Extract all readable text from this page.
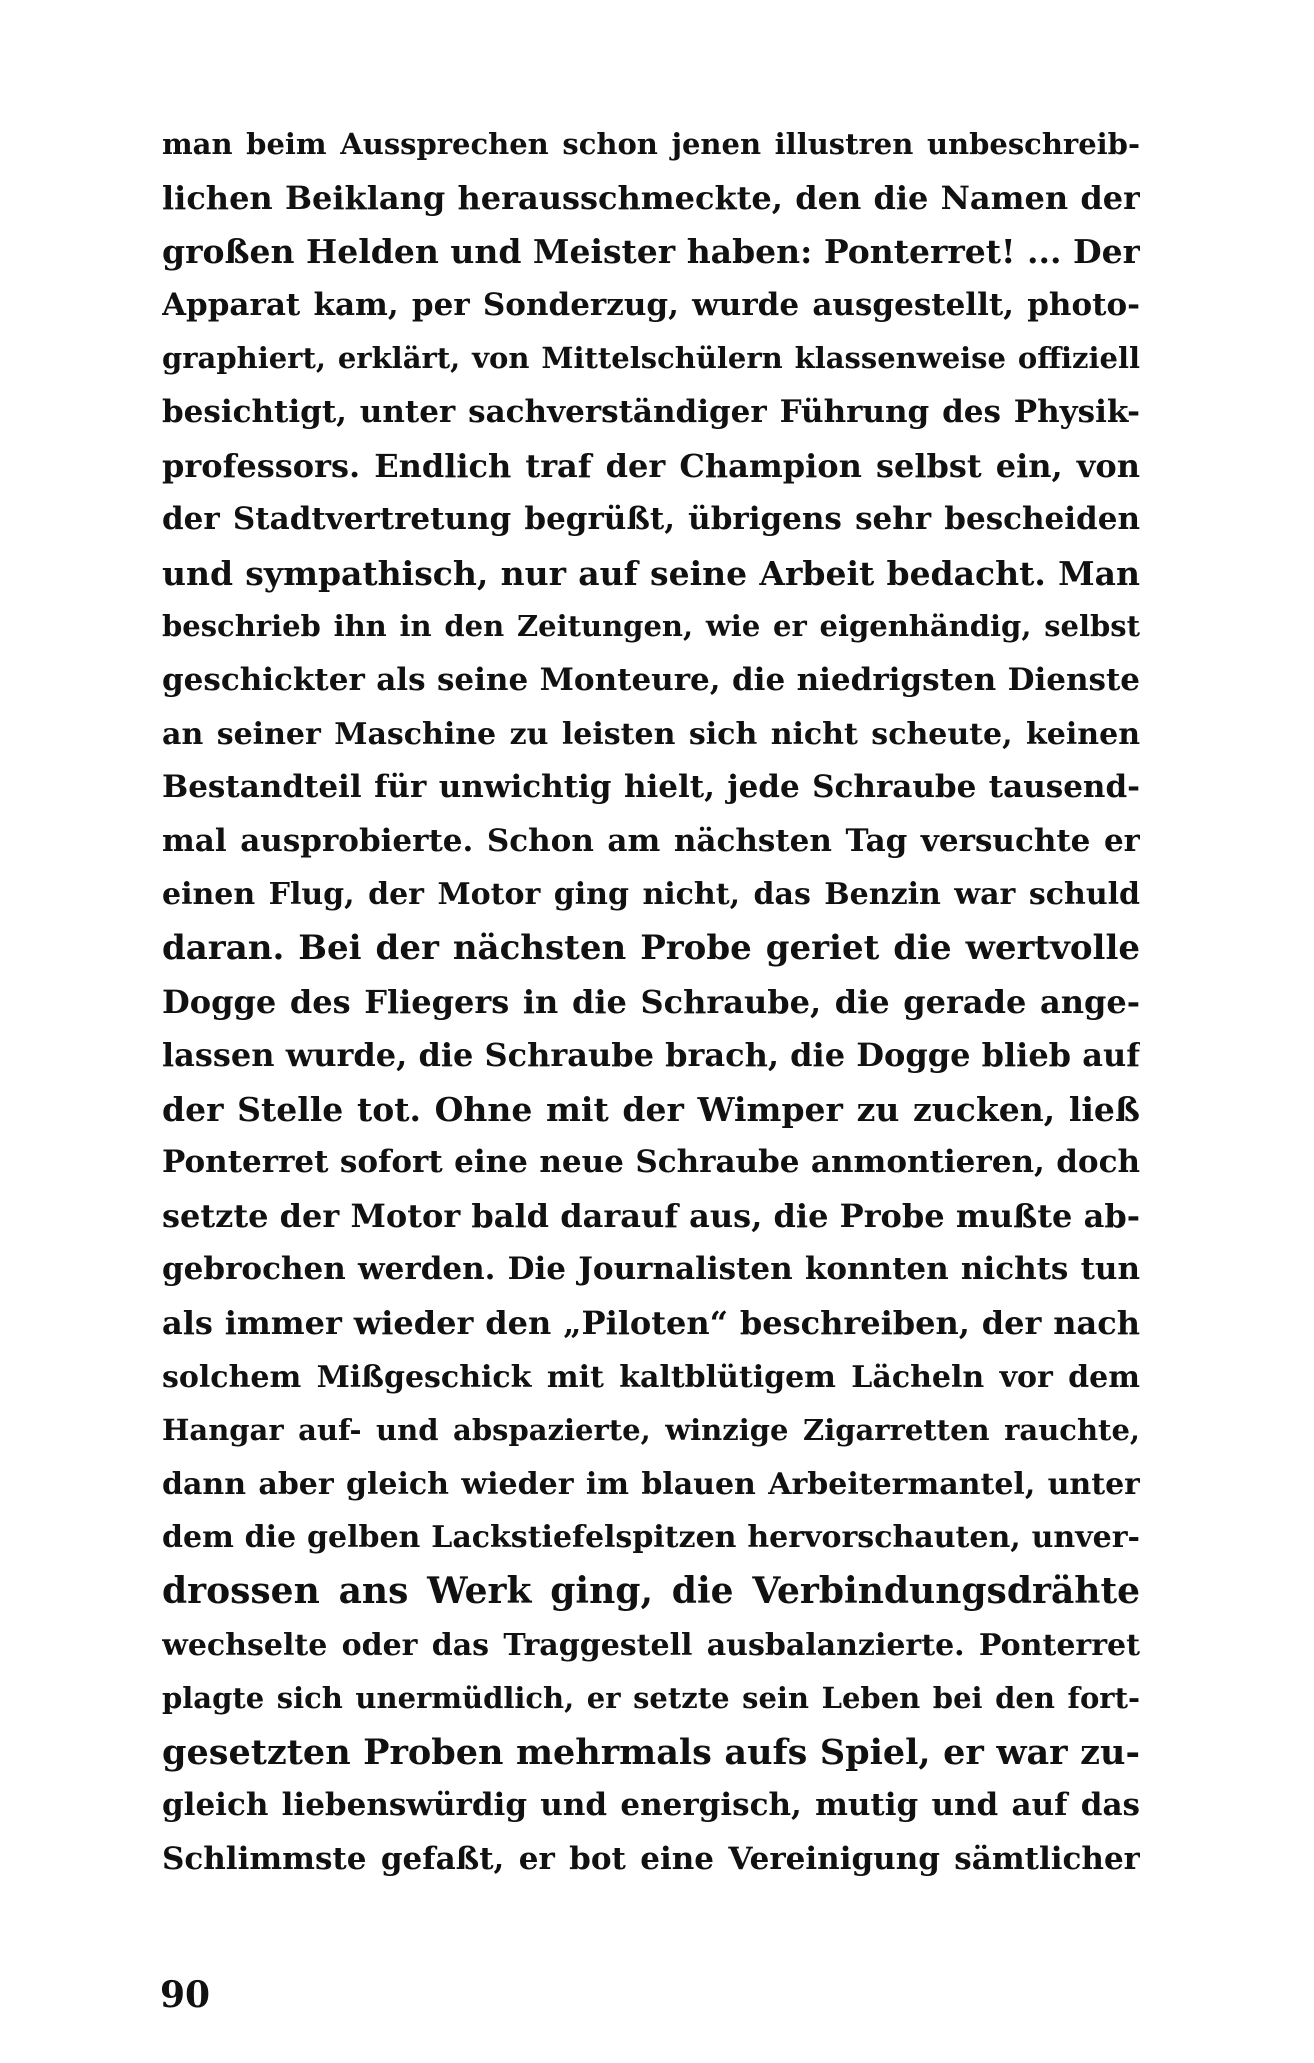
man beim Aussprechen schon jenen illustren unbeschreib-
lichen Beiklang herausschmeckte, den die Namen der
großen Helden und Meister haben: Ponterret! ... Der
Apparat kam, per Sonderzug, wurde ausgestellt, photo-
graphiert, erklärt, von Mittelschülern klassenweise offiziell
besichtigt, unter sachverständiger Führung des Physik-
professors. Endlich traf der Champion selbst ein, von
der Stadtvertretung begrüßt, übrigens sehr bescheiden
und sympathisch, nur auf seine Arbeit bedacht. Man
beschrieb ihn in den Zeitungen, wie er eigenhändig, selbst
geschickter als seine Monteure, die niedrigsten Dienste
an seiner Maschine zu leisten sich nicht scheute, keinen
Bestandteil für unwichtig hielt, jede Schraube tausend-
mal ausprobierte. Schon am nächsten Tag versuchte er
einen Flug, der Motor ging nicht, das Benzin war schuld
daran. Bei der nächsten Probe geriet die wertvolle
Dogge des Fliegers in die Schraube, die gerade ange-
lassen wurde, die Schraube brach, die Dogge blieb auf
der Stelle tot. Ohne mit der Wimper zu zucken, ließ
Ponterret sofort eine neue Schraube anmontieren, doch
setzte der Motor bald darauf aus, die Probe mußte ab-
gebrochen werden. Die Journalisten konnten nichts tun
als immer wieder den „Piloten“ beschreiben, der nach
solchem Mißgeschick mit kaltblütigem Lächeln vor dem
Hangar auf- und abspazierte, winzige Zigarretten rauchte,
dann aber gleich wieder im blauen Arbeitermantel, unter
dem die gelben Lackstiefelspitzen hervorschauten, unver-
drossen ans Werk ging, die Verbindungsdrähte
wechselte oder das Traggestell ausbalanzierte. Ponterret
plagte sich unermüdlich, er setzte sein Leben bei den fort-
gesetzten Proben mehrmals aufs Spiel, er war zu-
gleich liebenswürdig und energisch, mutig und auf das
Schlimmste gefaßt, er bot eine Vereinigung sämtlicher
90
